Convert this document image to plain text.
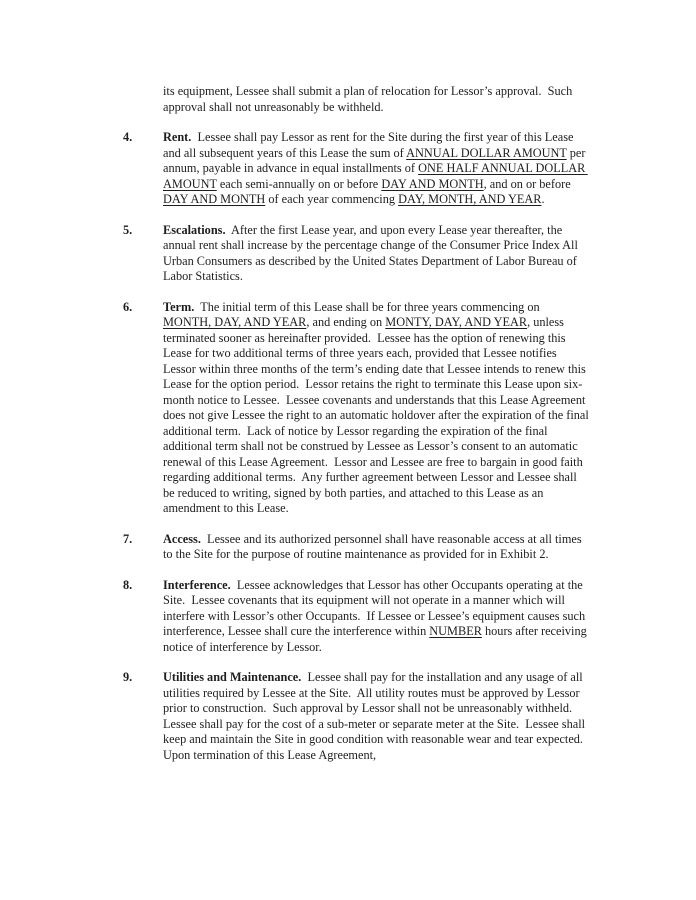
its equipment, Lessee shall submit a plan of relocation for Lessor’s approval.  Such approval shall not unreasonably be withheld.

4.	Rent.  Lessee shall pay Lessor as rent for the Site during the first year of this Lease and all subsequent years of this Lease the sum of ANNUAL DOLLAR AMOUNT per annum, payable in advance in equal installments of ONE HALF ANNUAL DOLLAR AMOUNT each semi-annually on or before DAY AND MONTH, and on or before DAY AND MONTH of each year commencing DAY, MONTH, AND YEAR.

5.	Escalations.  After the first Lease year, and upon every Lease year thereafter, the annual rent shall increase by the percentage change of the Consumer Price Index All Urban Consumers as described by the United States Department of Labor Bureau of Labor Statistics.

6.	Term.  The initial term of this Lease shall be for three years commencing on MONTH, DAY, AND YEAR, and ending on MONTY, DAY, AND YEAR, unless terminated sooner as hereinafter provided.  Lessee has the option of renewing this Lease for two additional terms of three years each, provided that Lessee notifies Lessor within three months of the term’s ending date that Lessee intends to renew this Lease for the option period.  Lessor retains the right to terminate this Lease upon six-month notice to Lessee.  Lessee covenants and understands that this Lease Agreement does not give Lessee the right to an automatic holdover after the expiration of the final additional term.  Lack of notice by Lessor regarding the expiration of the final additional term shall not be construed by Lessee as Lessor’s consent to an automatic renewal of this Lease Agreement.  Lessor and Lessee are free to bargain in good faith regarding additional terms.  Any further agreement between Lessor and Lessee shall be reduced to writing, signed by both parties, and attached to this Lease as an amendment to this Lease.

7.	Access.  Lessee and its authorized personnel shall have reasonable access at all times to the Site for the purpose of routine maintenance as provided for in Exhibit 2.

8.	Interference.  Lessee acknowledges that Lessor has other Occupants operating at the Site.  Lessee covenants that its equipment will not operate in a manner which will interfere with Lessor’s other Occupants.  If Lessee or Lessee’s equipment causes such interference, Lessee shall cure the interference within NUMBER hours after receiving notice of interference by Lessor.

9.	Utilities and Maintenance.  Lessee shall pay for the installation and any usage of all utilities required by Lessee at the Site.  All utility routes must be approved by Lessor prior to construction.  Such approval by Lessor shall not be unreasonably withheld.  Lessee shall pay for the cost of a sub-meter or separate meter at the Site.  Lessee shall keep and maintain the Site in good condition with reasonable wear and tear expected.  Upon termination of this Lease Agreement,
